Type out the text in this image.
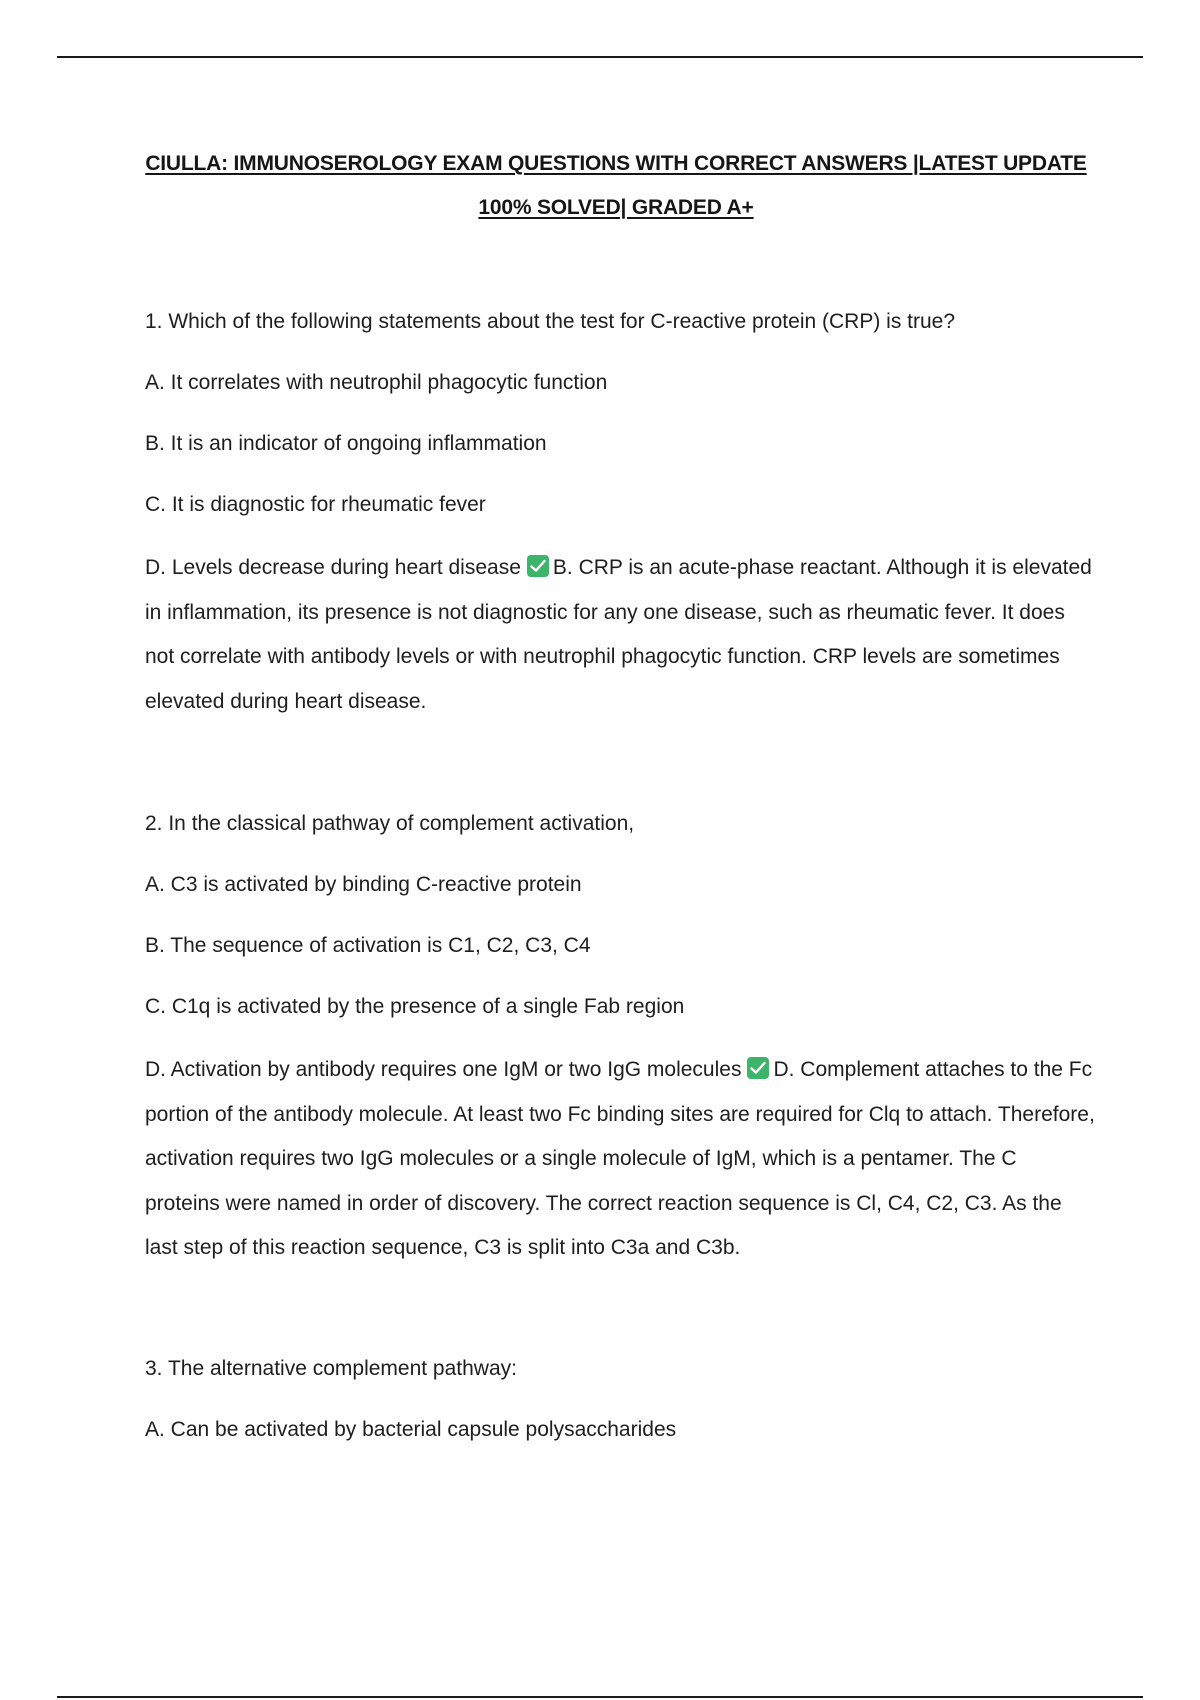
CIULLA: IMMUNOSEROLOGY EXAM QUESTIONS WITH CORRECT ANSWERS |LATEST UPDATE
100% SOLVED| GRADED A+
1. Which of the following statements about the test for C-reactive protein (CRP) is true?
A. It correlates with neutrophil phagocytic function
B. It is an indicator of ongoing inflammation
C. It is diagnostic for rheumatic fever
D. Levels decrease during heart disease B. CRP is an acute-phase reactant. Although it is elevated in inflammation, its presence is not diagnostic for any one disease, such as rheumatic fever. It does not correlate with antibody levels or with neutrophil phagocytic function. CRP levels are sometimes elevated during heart disease.
2. In the classical pathway of complement activation,
A. C3 is activated by binding C-reactive protein
B. The sequence of activation is C1, C2, C3, C4
C. C1q is activated by the presence of a single Fab region
D. Activation by antibody requires one IgM or two IgG molecules D. Complement attaches to the Fc portion of the antibody molecule. At least two Fc binding sites are required for Clq to attach. Therefore, activation requires two IgG molecules or a single molecule of IgM, which is a pentamer. The C proteins were named in order of discovery. The correct reaction sequence is Cl, C4, C2, C3. As the last step of this reaction sequence, C3 is split into C3a and C3b.
3. The alternative complement pathway:
A. Can be activated by bacterial capsule polysaccharides
